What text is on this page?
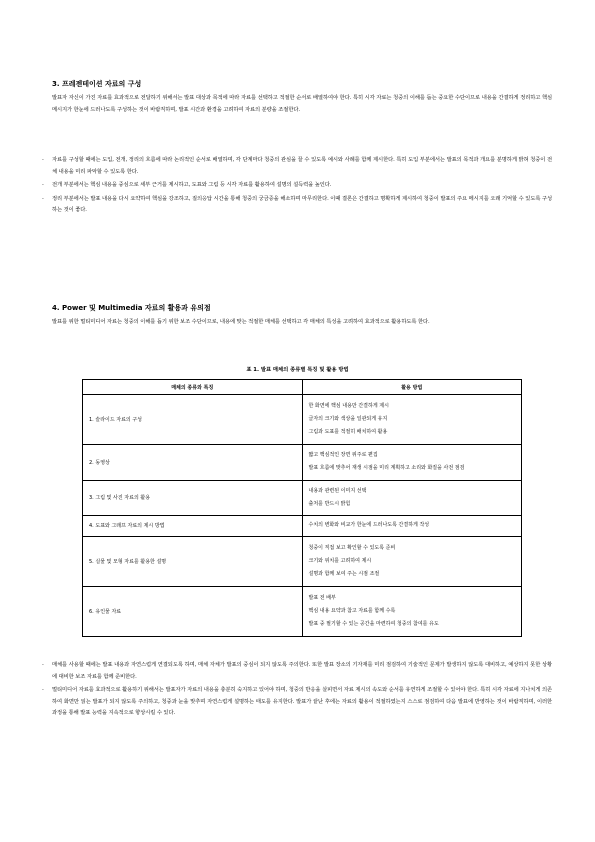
3. 프레젠테이션 자료의 구성
발표자 자신이 가진 자료를 효과적으로 전달하기 위해서는 발표 대상과 목적에 따라 자료를 선택하고 적절한 순서로 배열하여야 한다. 특히 시각 자료는 청중의 이해를 돕는 중요한 수단이므로 내용을 간결하게 정리하고 핵심 메시지가 한눈에 드러나도록 구성하는 것이 바람직하며, 발표 시간과 환경을 고려하여 자료의 분량을 조절한다.
· 자료를 구성할 때에는 도입, 전개, 정리의 흐름에 따라 논리적인 순서로 배열하며, 각 단계마다 청중의 관심을 끌 수 있도록 예시와 사례를 함께 제시한다. 특히 도입 부분에서는 발표의 목적과 개요를 분명하게 밝혀 청중이 전체 내용을 미리 파악할 수 있도록 한다.
· 전개 부분에서는 핵심 내용을 중심으로 세부 근거를 제시하고, 도표와 그림 등 시각 자료를 활용하여 설명의 설득력을 높인다.
· 정리 부분에서는 발표 내용을 다시 요약하여 핵심을 강조하고, 질의응답 시간을 통해 청중의 궁금증을 해소하며 마무리한다. 이때 결론은 간결하고 명확하게 제시하여 청중이 발표의 주요 메시지를 오래 기억할 수 있도록 구성하는 것이 좋다.
4. Power 및 Multimedia 자료의 활용과 유의점
발표를 위한 멀티미디어 자료는 청중의 이해를 돕기 위한 보조 수단이므로, 내용에 맞는 적절한 매체를 선택하고 각 매체의 특성을 고려하여 효과적으로 활용하도록 한다.
표 1. 발표 매체의 종류별 특징 및 활용 방법
매체의 종류와 특징	활용 방법
1. 슬라이드 자료의 구성	한 화면에 핵심 내용만 간결하게 제시
글자의 크기와 색상을 일관되게 유지
그림과 도표를 적절히 배치하여 활용

2. 동영상	짧고 핵심적인 장면 위주로 편집
발표 흐름에 맞추어 재생 시점을 미리 계획하고 소리와 화질을 사전 점검

3. 그림 및 사진 자료의 활용	내용과 관련된 이미지 선택
출처를 반드시 밝힘

4. 도표와 그래프 자료의 제시 방법	수치의 변화와 비교가 한눈에 드러나도록 간결하게 작성

5. 실물 및 모형 자료를 활용한 설명	청중이 직접 보고 확인할 수 있도록 준비
크기와 위치를 고려하여 제시
설명과 함께 보여 주는 시점 조절

6. 유인물 자료	발표 전 배부
핵심 내용 요약과 참고 자료를 함께 수록
발표 중 필기할 수 있는 공간을 마련하여 청중의 참여를 유도
· 매체를 사용할 때에는 발표 내용과 자연스럽게 연결되도록 하며, 매체 자체가 발표의 중심이 되지 않도록 주의한다. 또한 발표 장소의 기자재를 미리 점검하여 기술적인 문제가 발생하지 않도록 대비하고, 예상하지 못한 상황에 대비한 보조 자료를 함께 준비한다.
· 멀티미디어 자료를 효과적으로 활용하기 위해서는 발표자가 자료의 내용을 충분히 숙지하고 있어야 하며, 청중의 반응을 살피면서 자료 제시의 속도와 순서를 유연하게 조절할 수 있어야 한다. 특히 시각 자료에 지나치게 의존하여 화면만 읽는 발표가 되지 않도록 주의하고, 청중과 눈을 맞추며 자연스럽게 설명하는 태도를 유지한다. 발표가 끝난 후에는 자료의 활용이 적절하였는지 스스로 점검하여 다음 발표에 반영하는 것이 바람직하며, 이러한 과정을 통해 발표 능력을 지속적으로 향상시킬 수 있다.
